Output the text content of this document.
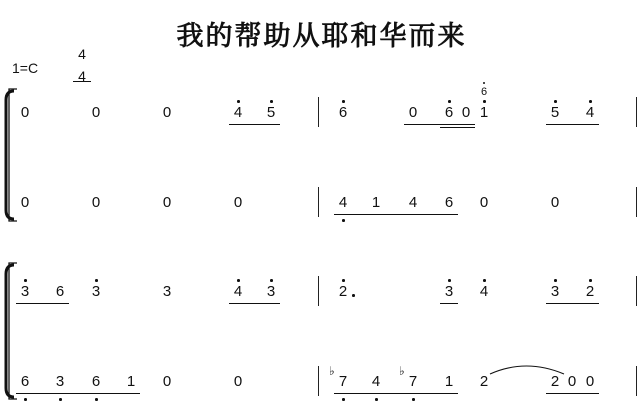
我的帮助从耶和华而来
1=C
4
4
0	0	0	4 5	6	0 6 0 1
6
5 4
0	0	0	0	4 1 4 6 0	0
3 6 3	3	4 3	2	3 4	3 2
6 3 6 1 0	0	7
♭
4 7
♭
1 2	2 0 0
